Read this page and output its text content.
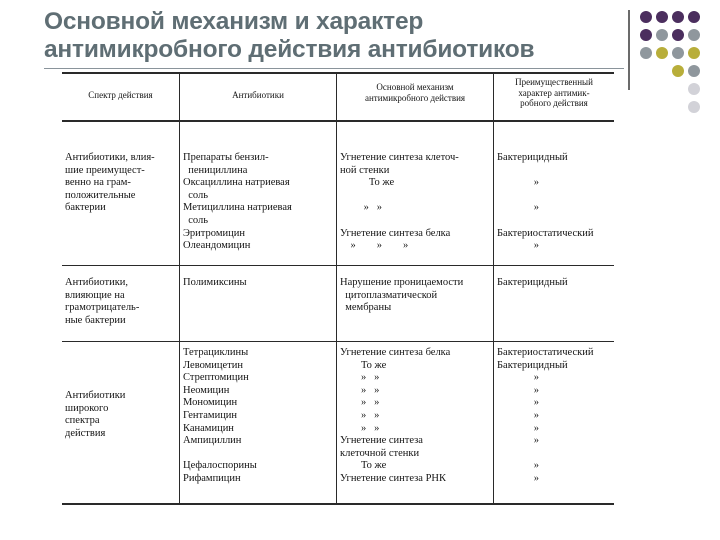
Основной механизм и характер
антимикробного действия антибиотиков
Спектр действия	Антибиотики
Основной механизм
антимикробного действия
Преимущественный
характер антимик-
робного действия
Антибиотики, влия-
шие преимущест-
венно на грам-
положительные
бактерии
Препараты бензил-
пенициллина
Оксациллина натриевая
соль
Метициллина натриевая
соль
Эритромицин
Олеандомицин
Угнетение синтеза клеточ-
ной стенки
То же

»   »

Угнетение синтеза белка
»        »        »
Бактерицидный

»

»

Бактериостатический
»
Антибиотики,
влияющие на
грамотрицатель-
ные бактерии
Полимиксины	Нарушение проницаемости
цитоплазматической
мембраны
Бактерицидный
Антибиотики
широкого
спектра
действия
Тетрациклины
Левомицетин
Стрептомицин
Неомицин
Мономицин
Гентамицин
Канамицин
Ампициллин

Цефалоспорины
Рифампицин
Угнетение синтеза белка
То же
»   »
»   »
»   »
»   »
»   »
Угнетение синтеза
клеточной стенки
То же
Угнетение синтеза РНК
Бактериостатический
Бактерицидный
»
»
»
»
»
»

»
»
